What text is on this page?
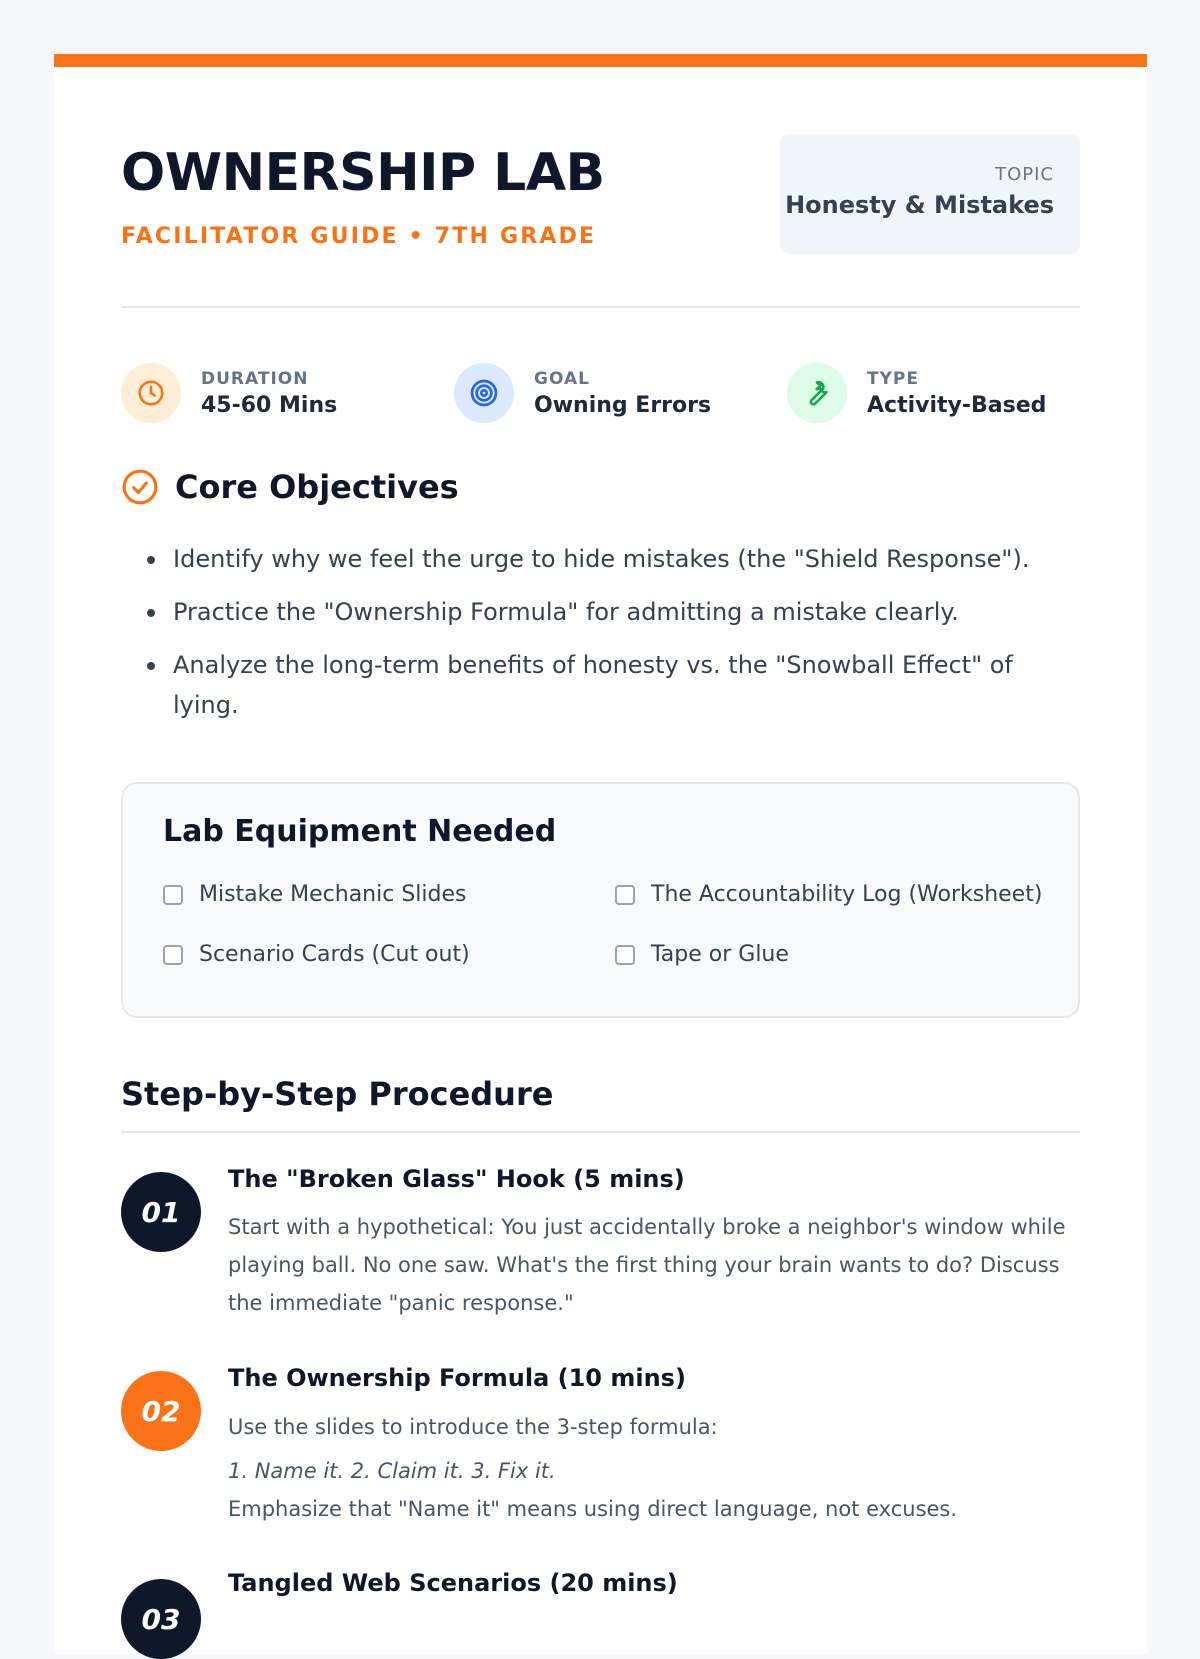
OWNERSHIP LAB
FACILITATOR GUIDE • 7TH GRADE
TOPIC
Honesty & Mistakes
DURATION
45-60 Mins
GOAL
Owning Errors
TYPE
Activity-Based
Core Objectives
Identify why we feel the urge to hide mistakes (the "Shield Response").
Practice the "Ownership Formula" for admitting a mistake clearly.
Analyze the long-term benefits of honesty vs. the "Snowball Effect" of lying.
Lab Equipment Needed
Mistake Mechanic Slides	The Accountability Log (Worksheet)
Scenario Cards (Cut out)	Tape or Glue
Step-by-Step Procedure
01
The "Broken Glass" Hook (5 mins)
Start with a hypothetical: You just accidentally broke a neighbor's window while playing ball. No one saw. What's the first thing your brain wants to do? Discuss the immediate "panic response."
02
The Ownership Formula (10 mins)
Use the slides to introduce the 3-step formula:
1. Name it. 2. Claim it. 3. Fix it.
Emphasize that "Name it" means using direct language, not excuses.
03
Tangled Web Scenarios (20 mins)
